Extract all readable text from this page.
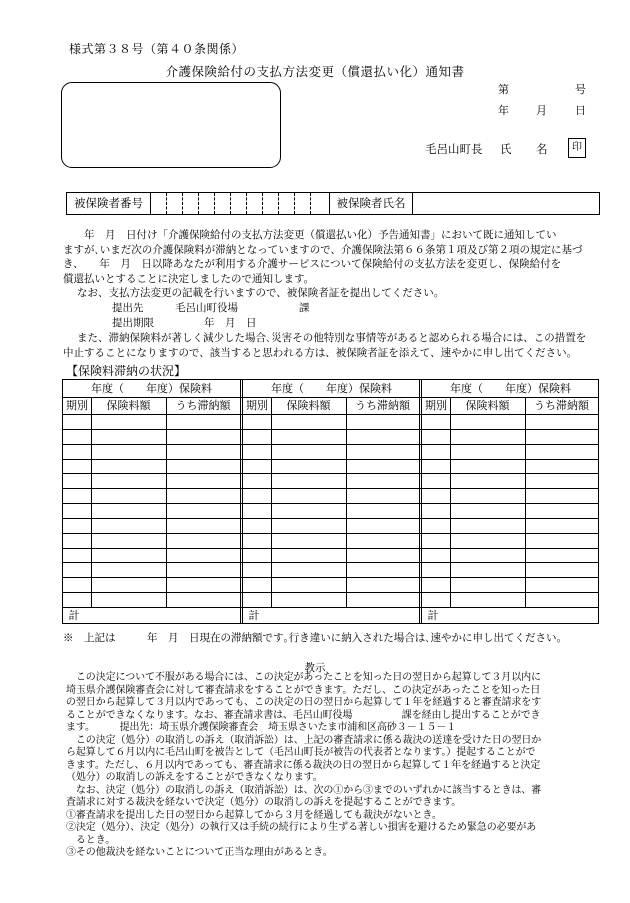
様式第３８号（第４０条関係）
介護保険給付の支払方法変更（償還払い化）通知書
第	号
年 月	日
毛呂山町長 氏 名	印
被保険者番号	被保険者氏名
　　年　月　日付け「介護保険給付の支払方法変更（償還払い化）予告通知書」において既に通知してい
ますが､いまだ次の介護保険料が滞納となっていますので、介護保険法第６６条第１項及び第２項の規定に基づ
き、　　年　月　日以降あなたが利用する介護サービスについて保険給付の支払方法を変更し、保険給付を
償還払いとすることに決定しましたので通知します。
なお、支払方法変更の記載を行いますので、被保険者証を提出してください。
提出先	毛呂山町役場	課
提出期限	年　月　日
また、滞納保険料が著しく減少した場合､災害その他特別な事情等があると認められる場合には、この措置を
中止することになりますので、該当すると思われる方は、被保険者証を添えて、速やかに申し出てください。
【保険料滞納の状況】
年度（　　年度）保険料
期別	保険料額	うち滞納額
計
年度（　　年度）保険料
期別	保険料額	うち滞納額
計
年度（　　年度）保険料
期別	保険料額	うち滞納額
計
※　上記は　　　年　月　日現在の滞納額です｡行き違いに納入された場合は､速やかに申し出てください。
教示
　この決定について不服がある場合には、この決定があったことを知った日の翌日から起算して３月以内に
埼玉県介護保険審査会に対して審査請求をすることができます。ただし、この決定があったことを知った日
の翌日から起算して３月以内であっても、この決定の日の翌日から起算して１年を経過すると審査請求をす
ることができなくなります。なお、審査請求書は、毛呂山町役場　　　　　課を経由し提出することができ
ます。　　　提出先：埼玉県介護保険審査会　埼玉県さいたま市浦和区高砂３－１５－１
　この決定（処分）の取消しの訴え（取消訴訟）は、上記の審査請求に係る裁決の送達を受けた日の翌日か
ら起算して６月以内に毛呂山町を被告として（毛呂山町長が被告の代表者となります。）提起することがで
きます。ただし、６月以内であっても、審査請求に係る裁決の日の翌日から起算して１年を経過すると決定
（処分）の取消しの訴えをすることができなくなります。
　なお、決定（処分）の取消しの訴え（取消訴訟）は、次の①から③までのいずれかに該当するときは、審
査請求に対する裁決を経ないで決定（処分）の取消しの訴えを提起することができます。
①審査請求を提出した日の翌日から起算してから３月を経過しても裁決がないとき。
②決定（処分）、決定（処分）の執行又は手続の続行により生ずる著しい損害を避けるため緊急の必要があ
　るとき。
③その他裁決を経ないことについて正当な理由があるとき。
